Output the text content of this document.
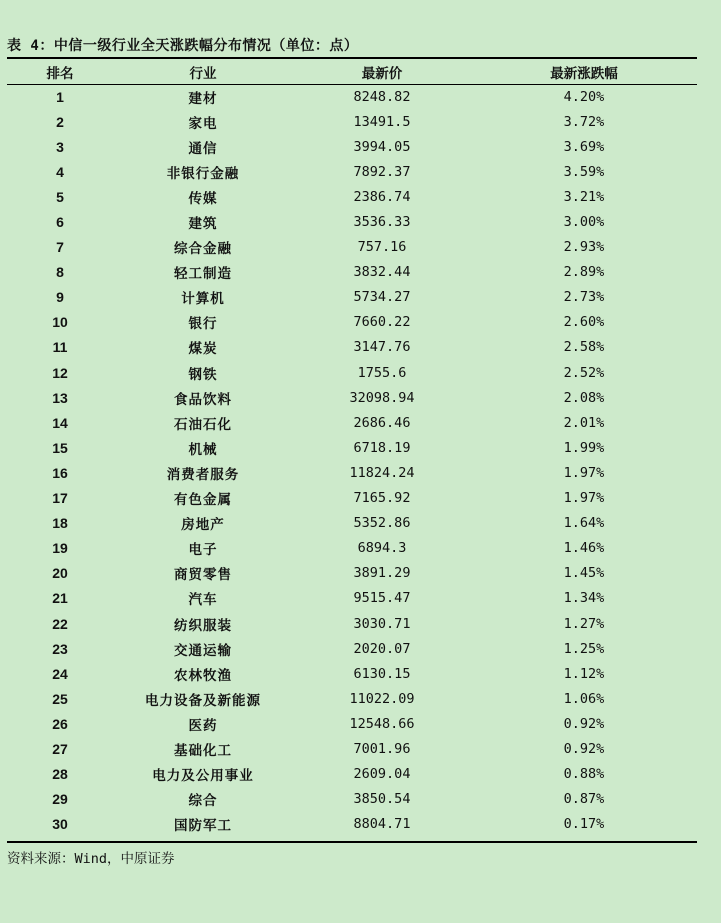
表 4：中信一级行业全天涨跌幅分布情况（单位：点）
排名	行业	最新价	最新涨跌幅
1	建材	8248.82	4.20%
2	家电	13491.5	3.72%
3	通信	3994.05	3.69%
4	非银行金融	7892.37	3.59%
5	传媒	2386.74	3.21%
6	建筑	3536.33	3.00%
7	综合金融	757.16	2.93%
8	轻工制造	3832.44	2.89%
9	计算机	5734.27	2.73%
10	银行	7660.22	2.60%
11	煤炭	3147.76	2.58%
12	钢铁	1755.6	2.52%
13	食品饮料	32098.94	2.08%
14	石油石化	2686.46	2.01%
15	机械	6718.19	1.99%
16	消费者服务	11824.24	1.97%
17	有色金属	7165.92	1.97%
18	房地产	5352.86	1.64%
19	电子	6894.3	1.46%
20	商贸零售	3891.29	1.45%
21	汽车	9515.47	1.34%
22	纺织服装	3030.71	1.27%
23	交通运输	2020.07	1.25%
24	农林牧渔	6130.15	1.12%
25	电力设备及新能源	11022.09	1.06%
26	医药	12548.66	0.92%
27	基础化工	7001.96	0.92%
28	电力及公用事业	2609.04	0.88%
29	综合	3850.54	0.87%
30	国防军工	8804.71	0.17%
资料来源：Wind，中原证券
